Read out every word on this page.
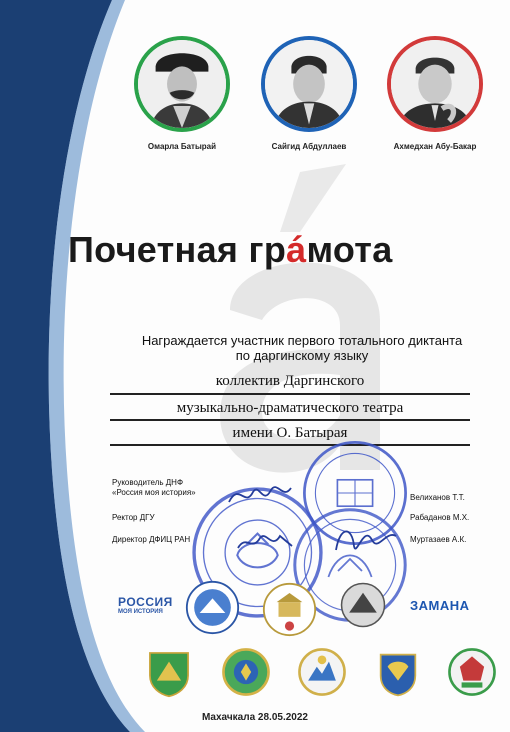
Омарла Батырай	Сайгид Абдуллаев	Ахмедхан Абу-Бакар
Почетная грáмота
Награждается участник первого тотального диктанта
по даргинскому языку
коллектив Даргинского
музыкально-драматического театра
имени О. Батырая
Руководитель ДНФ
«Россия моя история»
Ректор ДГУ
Директор ДФИЦ РАН
Велиханов Т.Т.
Рабаданов М.Х.
Муртазаев А.К.
РОССИЯ
МОЯ ИСТОРИЯ	ЗАМАНА
Махачкала 28.05.2022
